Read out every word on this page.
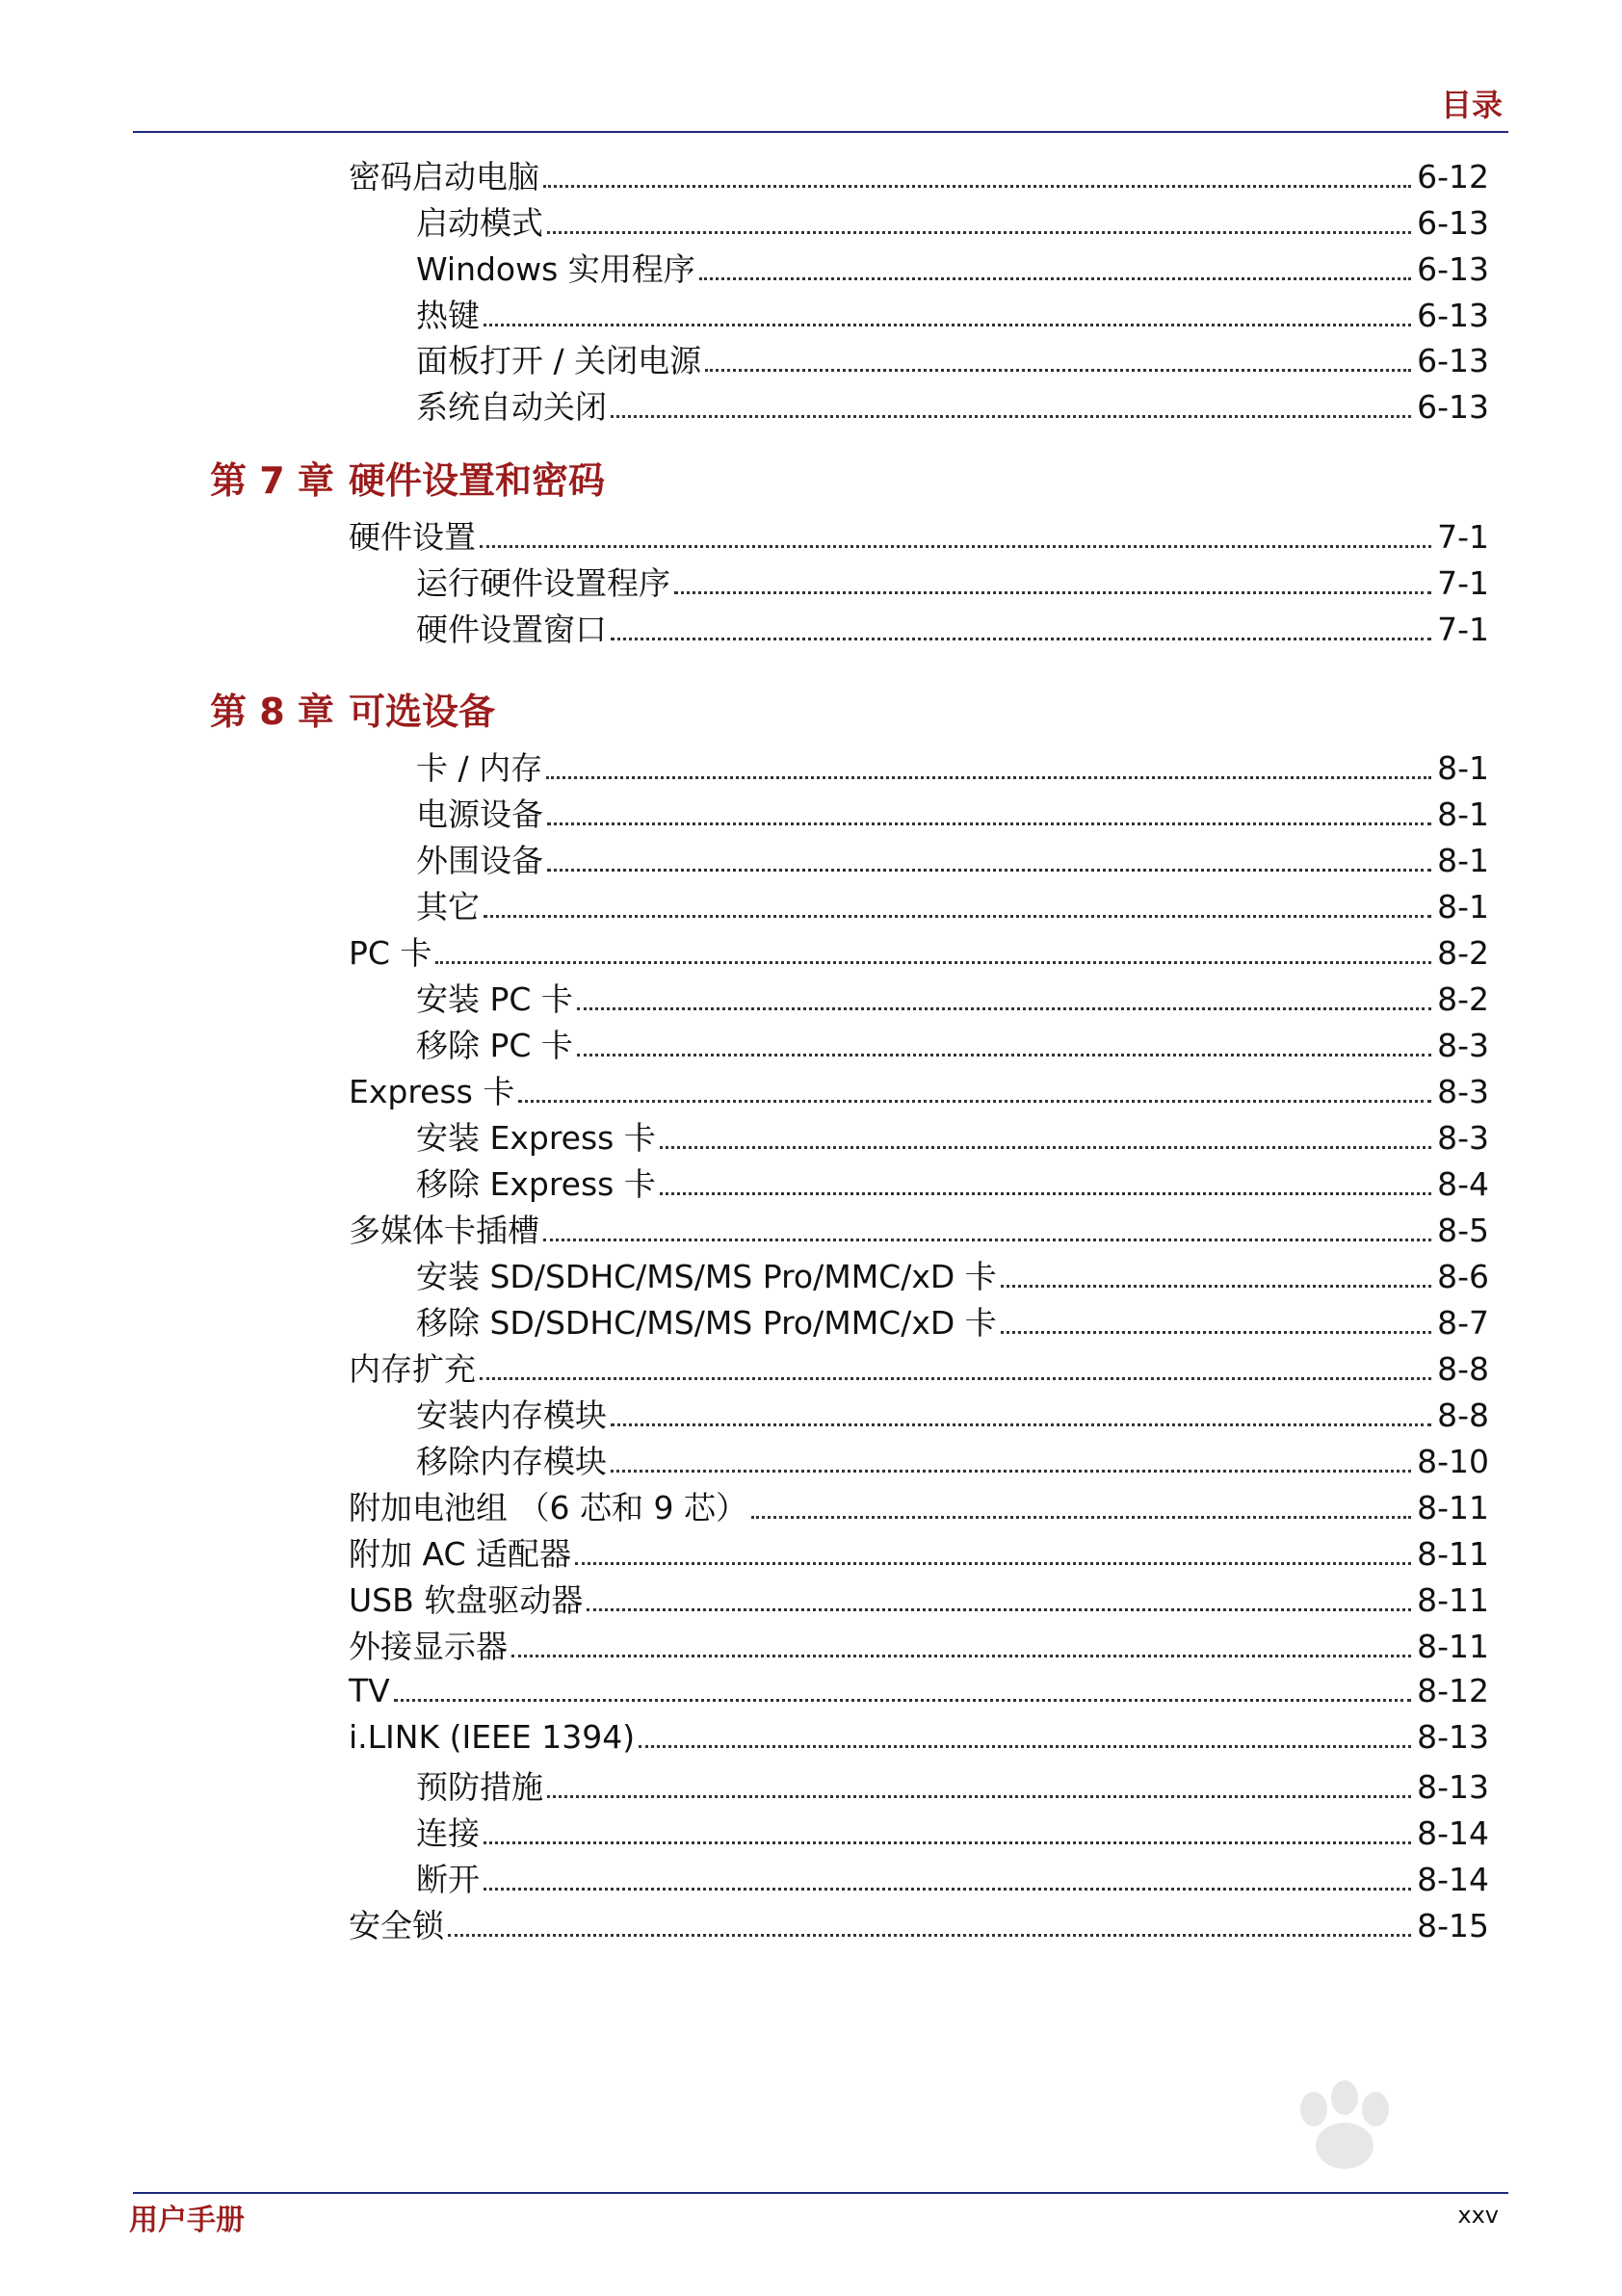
目录
密码启动电脑	6-12
启动模式	6-13
Windows 实用程序	6-13
热键	6-13
面板打开 / 关闭电源	6-13
系统自动关闭	6-13
第 7 章 硬件设置和密码
硬件设置	7-1
运行硬件设置程序	7-1
硬件设置窗口	7-1
第 8 章 可选设备
卡 / 内存	8-1
电源设备	8-1
外围设备	8-1
其它	8-1
PC 卡	8-2
安装 PC 卡	8-2
移除 PC 卡	8-3
Express 卡	8-3
安装 Express 卡	8-3
移除 Express 卡	8-4
多媒体卡插槽	8-5
安装 SD/SDHC/MS/MS Pro/MMC/xD 卡	8-6
移除 SD/SDHC/MS/MS Pro/MMC/xD 卡	8-7
内存扩充	8-8
安装内存模块	8-8
移除内存模块	8-10
附加电池组 （6 芯和 9 芯）	8-11
附加 AC 适配器	8-11
USB 软盘驱动器	8-11
外接显示器	8-11
TV	8-12
i.LINK (IEEE 1394)	8-13
预防措施	8-13
连接	8-14
断开	8-14
安全锁	8-15
用户手册	xxv
